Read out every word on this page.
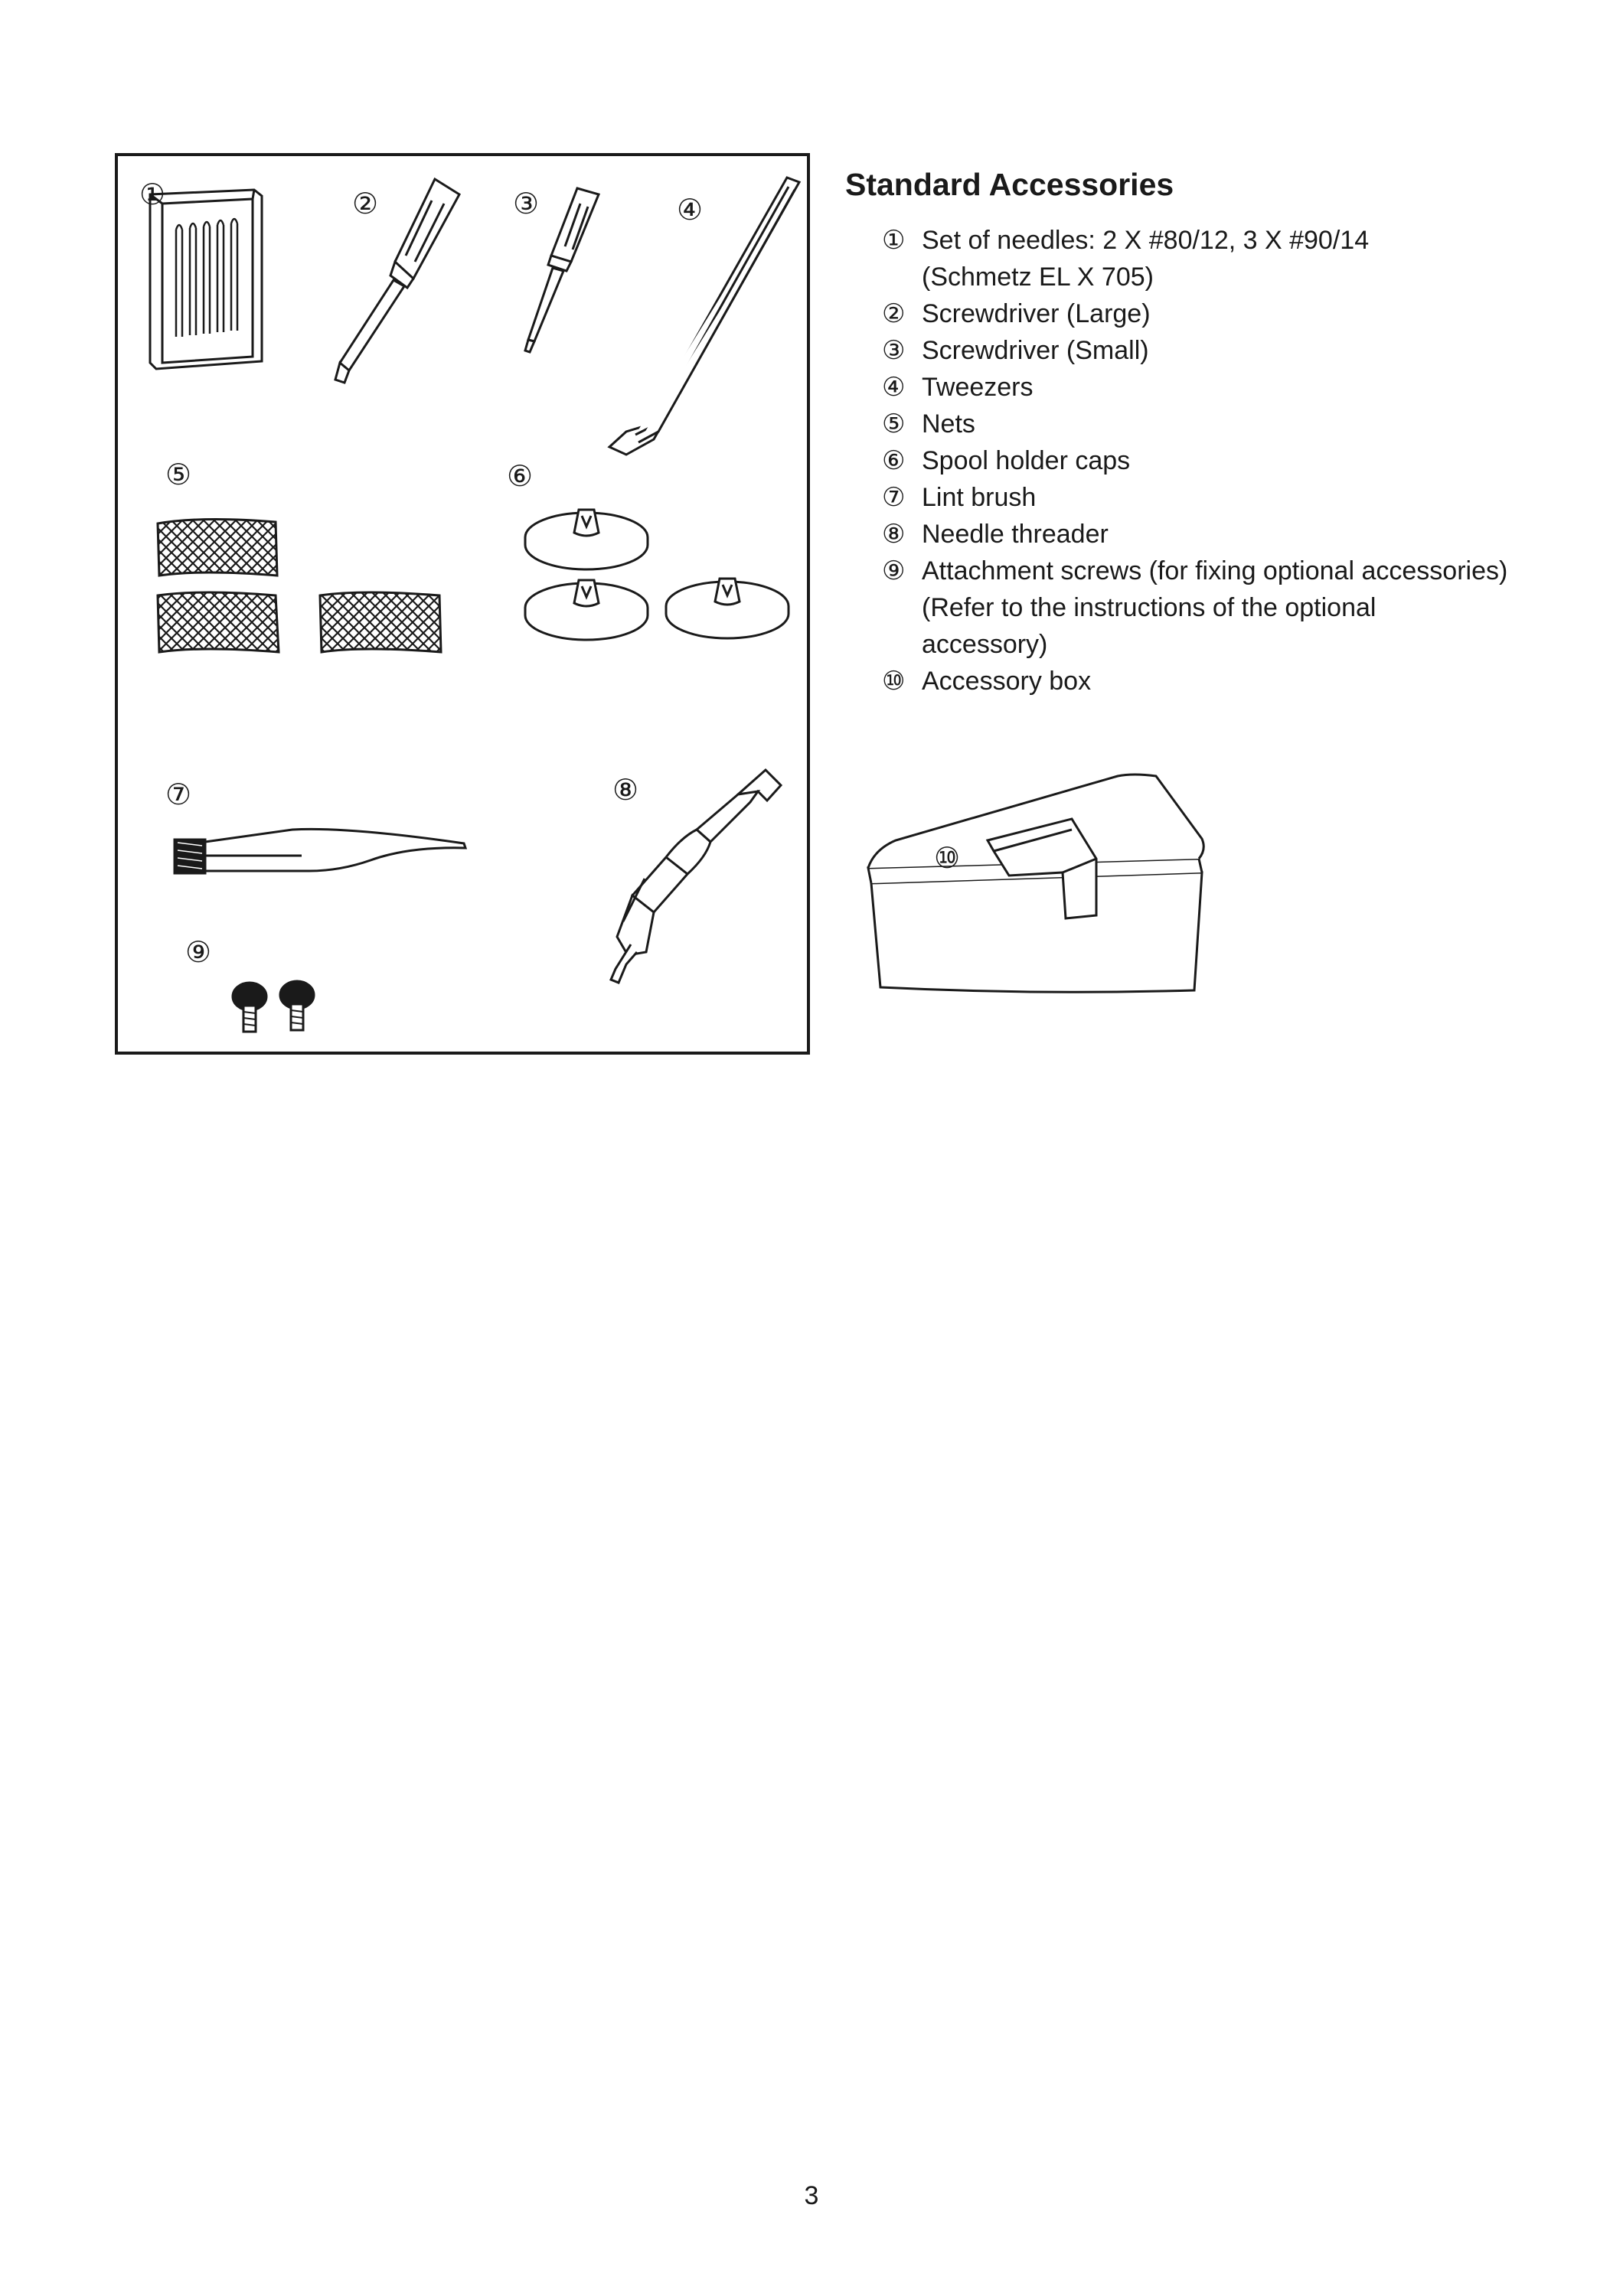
①	②	③	④
⑤	⑥
⑦	⑧
⑨
Standard Accessories
① Set of needles: 2 X #80/12, 3 X #90/14
(Schmetz EL X 705)
② Screwdriver (Large)
③ Screwdriver (Small)
④ Tweezers
⑤ Nets
⑥ Spool holder caps
⑦ Lint brush
⑧ Needle threader
⑨ Attachment screws (for fixing optional accessories)
(Refer to the instructions of the optional
accessory)
⑩ Accessory box
⑩
3
